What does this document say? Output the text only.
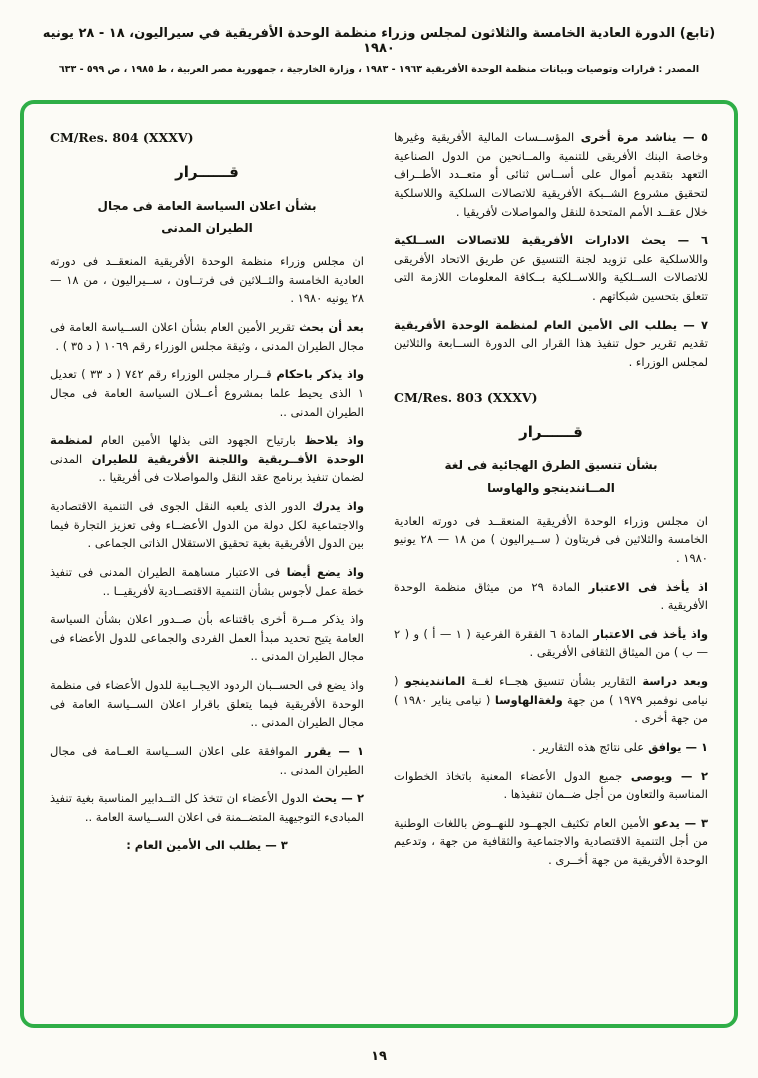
(تابع) الدورة العادية الخامسة والثلاثون لمجلس وزراء منظمة الوحدة الأفريقية في سيراليون، ١٨ - ٢٨ يونيه ١٩٨٠
المصدر : قرارات وتوصيات وبيانات منظمة الوحدة الأفريقية ١٩٦٣ - ١٩٨٣ ، وزارة الخارجية ، جمهورية مصر العربية ، ط ١٩٨٥ ، ص ٥٩٩ - ٦٣٣

٥ — يناشد مرة أخرى المؤســسات المالية الأفريقية وغيرها وخاصة البنك الأفريقى للتنمية والمــانحين من الدول الصناعية التعهد بتقديم أموال على أســاس ثنائى أو متعــدد الأطــراف لتحقيق مشروع الشــبكة الأفريقية للاتصالات السلكية واللاسلكية خلال عقــد الأمم المتحدة للنقل والمواصلات لأفريقيا .

٦ — يحث الادارات الأفريقية للاتصالات الســلكية واللاسلكية على تزويد لجنة التنسيق عن طريق الاتحاد الأفريقى للاتصالات الســلكية واللاســلكية بــكافة المعلومات اللازمة التى تتعلق بتحسين شبكاتهم .

٧ — يطلب الى الأمين العام لمنظمة الوحدة الأفريقية تقديم تقرير حول تنفيذ هذا القرار الى الدورة الســابعة والثلاثين لمجلس الوزراء .

CM/Res. 803 (XXXV)
قــــــرار
بشأن تنسيق الطرق الهجائية فى لغة
المــانندينجو والهاوسا

ان مجلس وزراء الوحدة الأفريقية المنعقــد فى دورته العادية الخامسة والثلاثين فى فريتاون ( ســيراليون ) من ١٨ — ٢٨ يونيو ١٩٨٠ .

اذ يأخذ فى الاعتبار المادة ٢٩ من ميثاق منظمة الوحدة الأفريقية .

واذ يأخذ فى الاعتبار المادة ٦ الفقرة الفرعية ( ١ — أ ) و ( ٢ — ب ) من الميثاق الثقافى الأفريقى .

وبعد دراسة التقارير بشأن تنسيق هجــاء لغــة المانندينجو ( نيامى نوفمبر ١٩٧٩ ) من جهة ولغةالهاوسا ( نيامى يناير ١٩٨٠ ) من جهة أخرى .

١ — يوافق على نتائج هذه التقارير .

٢ — ويوصى جميع الدول الأعضاء المعنية باتخاذ الخطوات المناسبة والتعاون من أجل ضــمان تنفيذها .

٣ — يدعو الأمين العام تكثيف الجهــود للنهــوض باللغات الوطنية من أجل التنمية الاقتصادية والاجتماعية والثقافية من جهة ، وتدعيم الوحدة الأفريقية من جهة أخــرى .

CM/Res. 804 (XXXV)
قــــــرار
بشأن اعلان السياسة العامة فى مجال
الطيران المدنى

ان مجلس وزراء منظمة الوحدة الأفريقية المنعقــد فى دورته العادية الخامسة والثــلاثين فى فرتــاون ، ســيراليون ، من ١٨ — ٢٨ يونيه ١٩٨٠ .

بعد أن بحث تقرير الأمين العام بشأن اعلان الســياسة العامة فى مجال الطيران المدنى ، وثيقة مجلس الوزراء رقم ١٠٦٩ ( د ٣٥ ) .

واذ يذكر باحكام قــرار مجلس الوزراء رقم ٧٤٢ ( د ٣٣ ) تعديل ١ الذى يحيط علما بمشروع أعــلان السياسة العامة فى مجال الطيران المدنى ..

واذ يلاحظ بارتياح الجهود التى بذلها الأمين العام لمنظمة الوحدة الأفــريقية واللجنة الأفريقية للطيران المدنى لضمان تنفيذ برنامج عقد النقل والمواصلات فى أفريقيا ..

واذ يدرك الدور الذى يلعبه النقل الجوى فى التنمية الاقتصادية والاجتماعية لكل دولة من الدول الأعضــاء وفى تعزيز التجارة فيما بين الدول الأفريقية بغية تحقيق الاستقلال الذاتى الجماعى .

واذ يضع أيضا فى الاعتبار مساهمة الطيران المدنى فى تنفيذ خطة عمل لأجوس بشأن التنمية الاقتصــادية لأفريقيــا ..

واذ يذكر مــرة أخرى باقتناعه بأن صــدور اعلان بشأن السياسة العامة يتيح تحديد مبدأ العمل الفردى والجماعى للدول الأعضاء فى مجال الطيران المدنى ..

واذ يضع فى الحســبان الردود الايجــابية للدول الأعضاء فى منظمة الوحدة الأفريقية فيما يتعلق باقرار اعلان الســياسة العامة فى مجال الطيران المدنى ..

١ — يقرر الموافقة على اعلان الســياسة العــامة فى مجال الطيران المدنى ..

٢ — يحث الدول الأعضاء ان تتخذ كل التــدابير المناسبة بغية تنفيذ المبادىء التوجيهية المتضــمنة فى اعلان الســياسة العامة ..

٣ — يطلب الى الأمين العام :
١٩
